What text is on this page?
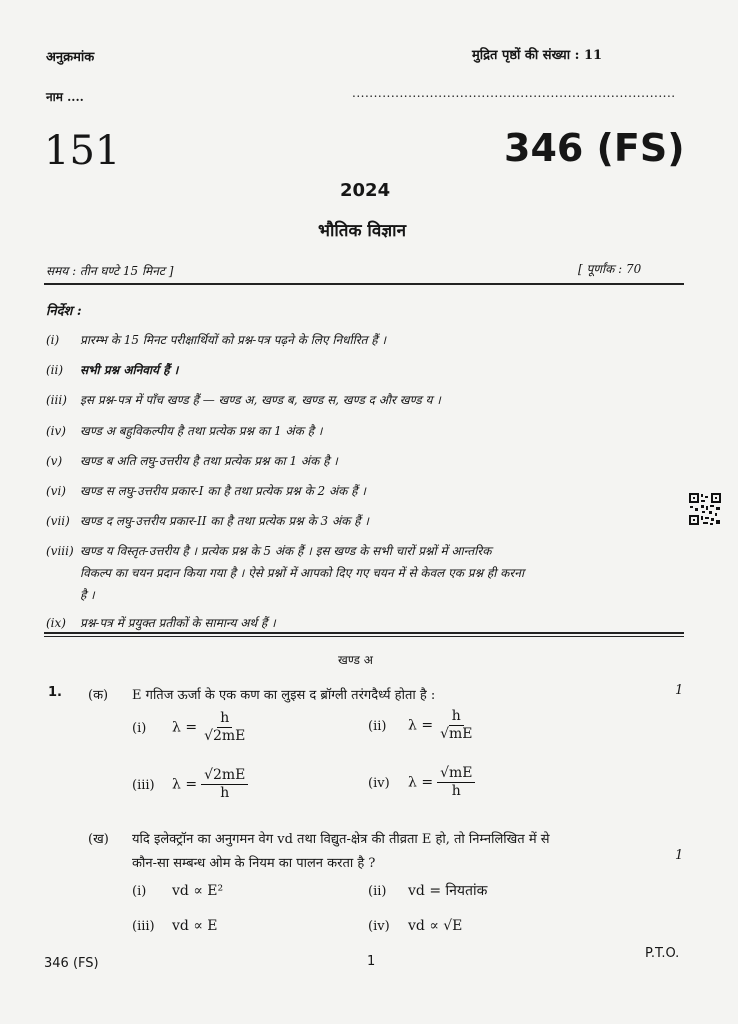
अनुक्रमांक	मुद्रित पृष्ठों की संख्या : 11
नाम ....	...........................................................................
151	346 (FS)
2024
भौतिक विज्ञान
समय : तीन घण्टे 15 मिनट ]	[ पूर्णांक : 70
निर्देश :
(i) प्रारम्भ के 15 मिनट परीक्षार्थियों को प्रश्न-पत्र पढ़ने के लिए निर्धारित हैं ।
(ii) सभी प्रश्न अनिवार्य हैं ।
(iii) इस प्रश्न-पत्र में पाँच खण्ड हैं — खण्ड अ, खण्ड ब, खण्ड स, खण्ड द और खण्ड य ।
(iv) खण्ड अ बहुविकल्पीय है तथा प्रत्येक प्रश्न का 1 अंक है ।
(v) खण्ड ब अति लघु-उत्तरीय है तथा प्रत्येक प्रश्न का 1 अंक है ।
(vi) खण्ड स लघु-उत्तरीय प्रकार-I का है तथा प्रत्येक प्रश्न के 2 अंक हैं ।
(vii) खण्ड द लघु-उत्तरीय प्रकार-II का है तथा प्रत्येक प्रश्न के 3 अंक हैं ।
(viii) खण्ड य विस्तृत-उत्तरीय है । प्रत्येक प्रश्न के 5 अंक हैं । इस खण्ड के सभी चारों प्रश्नों में आन्तरिक
विकल्प का चयन प्रदान किया गया है । ऐसे प्रश्नों में आपको दिए गए चयन में से केवल एक प्रश्न ही करना
है ।
(ix) प्रश्न-पत्र में प्रयुक्त प्रतीकों के सामान्य अर्थ हैं ।
खण्ड अ
1. (क) E गतिज ऊर्जा के एक कण का लुइस द ब्रॉग्ली तरंगदैर्ध्य होता है :	1
(i) $\lambda = \frac{h}{√2mE}$	(ii) $\lambda = \frac{h}{√mE}$
(iii) $\lambda = \frac{√2mE}{h}$	(iv) $\lambda = \frac{√mE}{h}$
(ख) यदि इलेक्ट्रॉन का अनुगमन वेग vd तथा विद्युत-क्षेत्र की तीव्रता E हो, तो निम्नलिखित में से
कौन-सा सम्बन्ध ओम के नियम का पालन करता है ?
1
(i) vd ∝ E²	(ii) vd = नियतांक
(iii) vd ∝ E	(iv) vd ∝ √E
346 (FS)	1
P.T.O.
